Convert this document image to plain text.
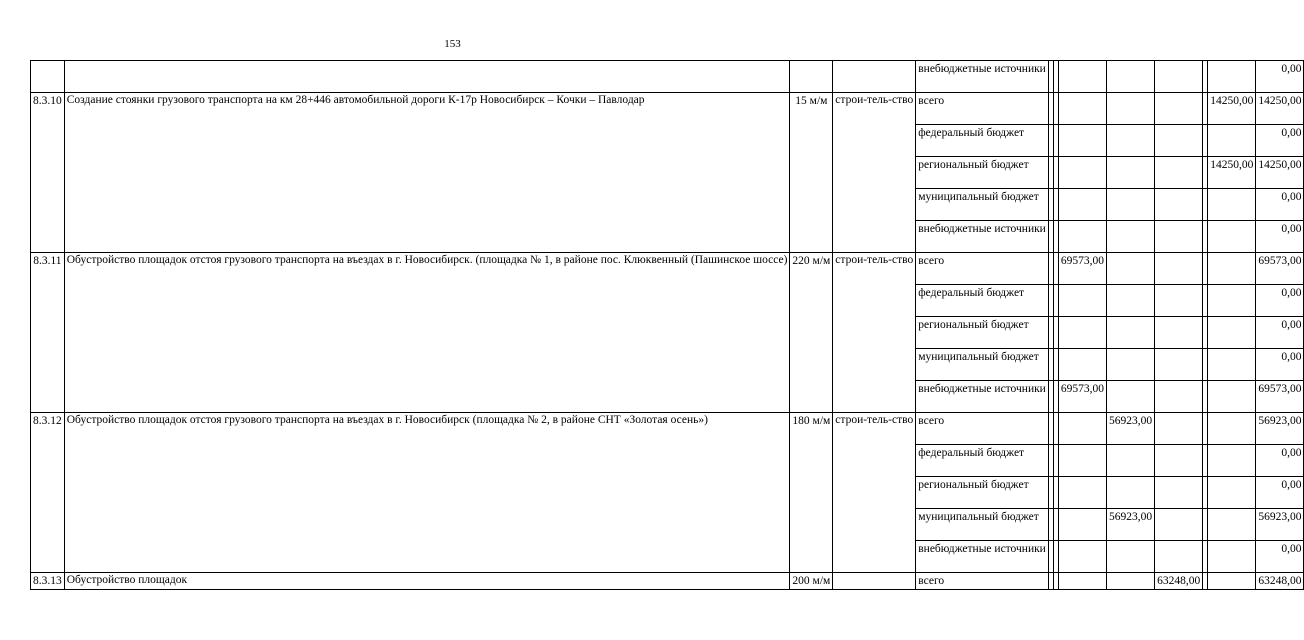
153
				внебюджетные источники								0,00
8.3.10	Создание стоянки грузового транспорта на км 28+446 автомобильной дороги К-17р Новосибирск – Кочки – Павлодар	15 м/м	строи-тель-ство	всего							14250,00	14250,00
				федеральный бюджет								0,00
				региональный бюджет							14250,00	14250,00
				муниципальный бюджет								0,00
				внебюджетные источники								0,00
8.3.11	Обустройство площадок отстоя грузового транспорта на въездах в г. Новосибирск. (площадка № 1, в районе пос. Клюквенный (Пашинское шоссе)	220 м/м	строи-тель-ство	всего			69573,00					69573,00
				федеральный бюджет								0,00
				региональный бюджет								0,00
				муниципальный бюджет								0,00
				внебюджетные источники			69573,00					69573,00
8.3.12	Обустройство площадок отстоя грузового транспорта на въездах в г. Новосибирск (площадка № 2, в районе СНТ «Золотая осень»)	180 м/м	строи-тель-ство	всего				56923,00				56923,00
				федеральный бюджет								0,00
				региональный бюджет								0,00
				муниципальный бюджет				56923,00				56923,00
				внебюджетные источники								0,00
8.3.13	Обустройство площадок	200 м/м		всего					63248,00			63248,00
